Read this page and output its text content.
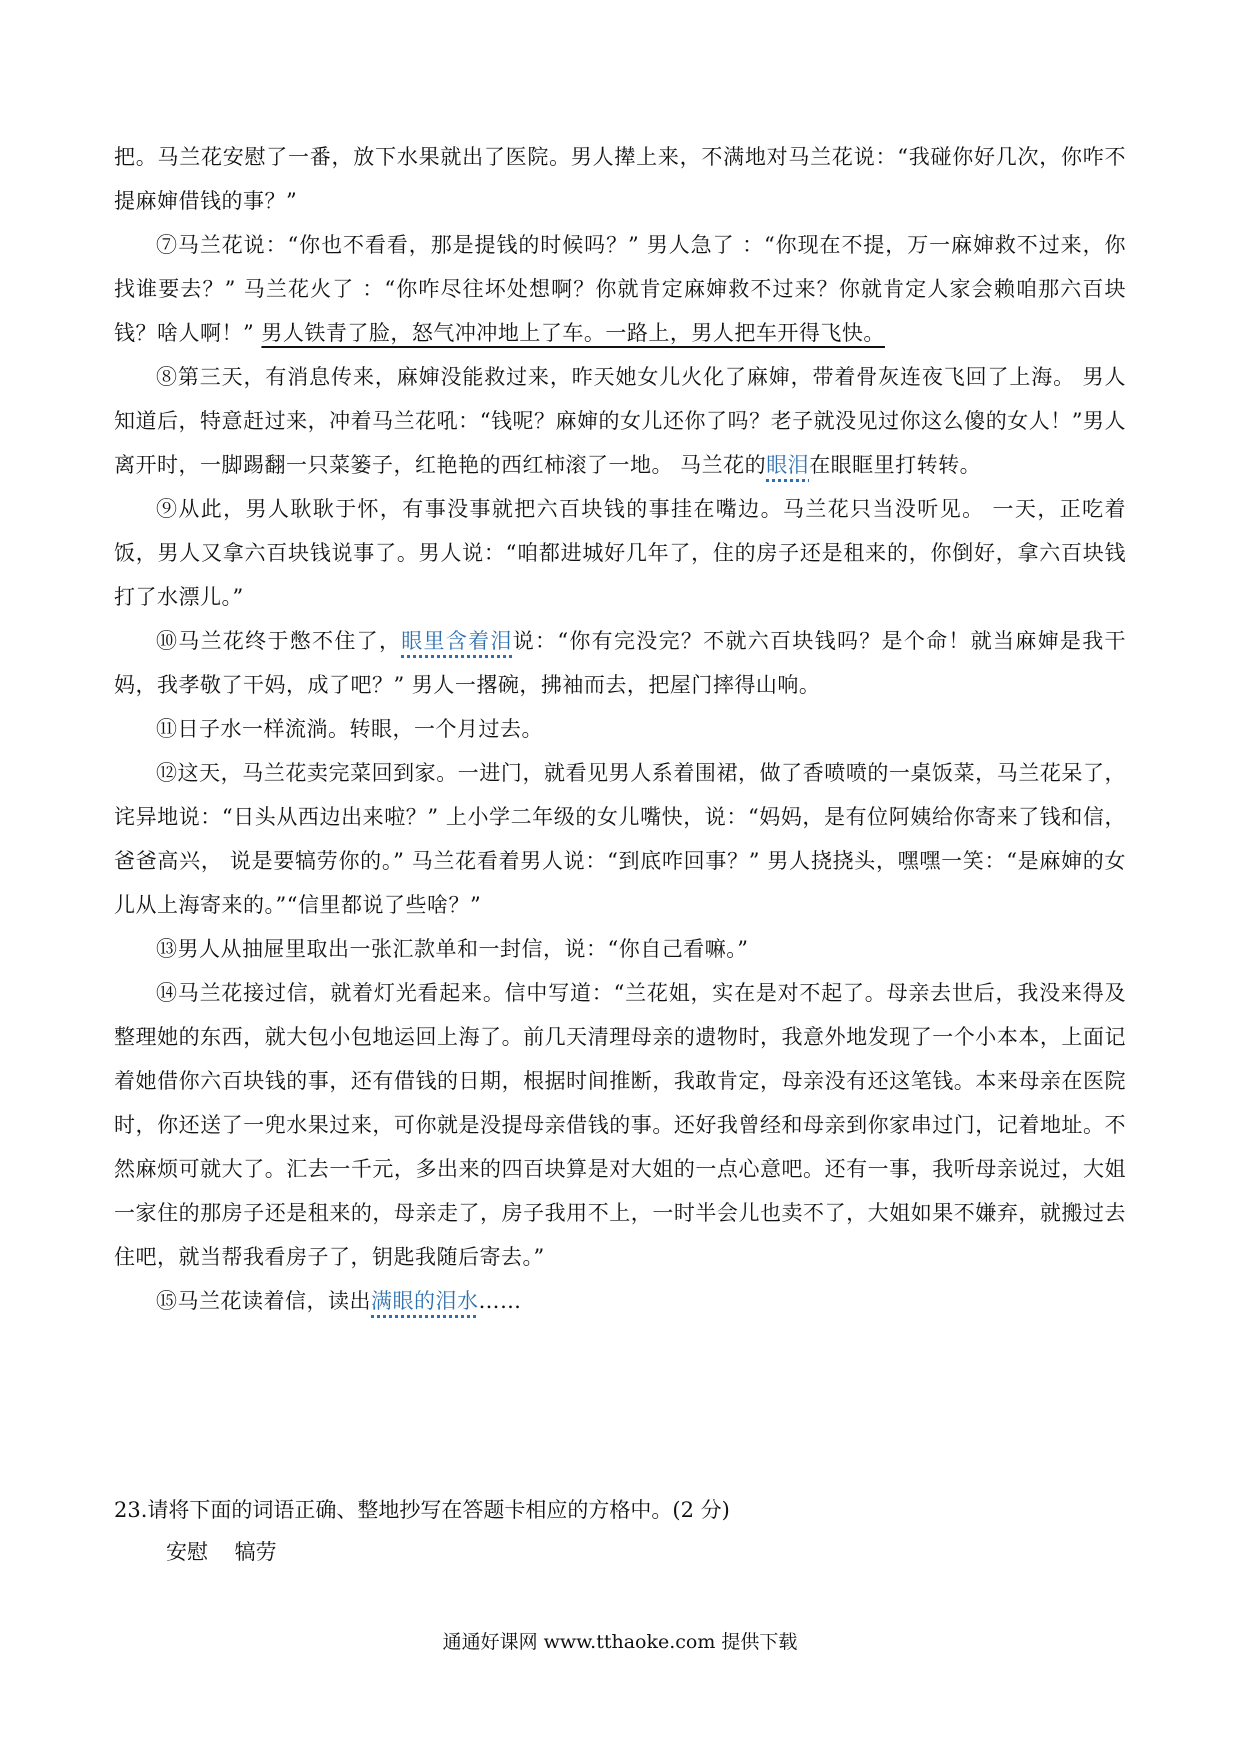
把。马兰花安慰了一番，放下水果就出了医院。男人撵上来，不满地对马兰花说：“我碰你好几次，你咋不提麻婶借钱的事？”

⑦马兰花说：“你也不看看，那是提钱的时候吗？” 男人急了 ：“你现在不提，万一麻婶救不过来，你找谁要去？” 马兰花火了 ：“你咋尽往坏处想啊？你就肯定麻婶救不过来？你就肯定人家会赖咱那六百块钱？啥人啊！” 男人铁青了脸，怒气冲冲地上了车。一路上，男人把车开得飞快。

⑧第三天，有消息传来，麻婶没能救过来，昨天她女儿火化了麻婶，带着骨灰连夜飞回了上海。 男人知道后，特意赶过来，冲着马兰花吼：“钱呢？麻婶的女儿还你了吗？老子就没见过你这么傻的女人！”男人离开时，一脚踢翻一只菜篓子，红艳艳的西红柿滚了一地。 马兰花的眼泪在眼眶里打转转。

⑨从此，男人耿耿于怀，有事没事就把六百块钱的事挂在嘴边。马兰花只当没听见。 一天，正吃着饭，男人又拿六百块钱说事了。男人说：“咱都进城好几年了，住的房子还是租来的，你倒好，拿六百块钱打了水漂儿。”

⑩马兰花终于憋不住了，眼里含着泪说：“你有完没完？不就六百块钱吗？是个命！就当麻婶是我干妈，我孝敬了干妈，成了吧？” 男人一撂碗，拂袖而去，把屋门摔得山响。

⑪日子水一样流淌。转眼，一个月过去。

⑫这天，马兰花卖完菜回到家。一进门，就看见男人系着围裙，做了香喷喷的一桌饭菜，马兰花呆了，诧异地说：“日头从西边出来啦？” 上小学二年级的女儿嘴快，说：“妈妈，是有位阿姨给你寄来了钱和信，爸爸高兴， 说是要犒劳你的。” 马兰花看着男人说：“到底咋回事？” 男人挠挠头，嘿嘿一笑：“是麻婶的女儿从上海寄来的。”“信里都说了些啥？”

⑬男人从抽屉里取出一张汇款单和一封信，说：“你自己看嘛。”

⑭马兰花接过信，就着灯光看起来。信中写道：“兰花姐，实在是对不起了。母亲去世后，我没来得及整理她的东西，就大包小包地运回上海了。前几天清理母亲的遗物时，我意外地发现了一个小本本，上面记着她借你六百块钱的事，还有借钱的日期，根据时间推断，我敢肯定，母亲没有还这笔钱。本来母亲在医院时，你还送了一兜水果过来，可你就是没提母亲借钱的事。还好我曾经和母亲到你家串过门，记着地址。不然麻烦可就大了。汇去一千元，多出来的四百块算是对大姐的一点心意吧。还有一事，我听母亲说过，大姐一家住的那房子还是租来的，母亲走了，房子我用不上，一时半会儿也卖不了，大姐如果不嫌弃，就搬过去住吧，就当帮我看房子了，钥匙我随后寄去。”

⑮马兰花读着信，读出满眼的泪水……

23.请将下面的词语正确、整地抄写在答题卡相应的方格中。(2 分)
安慰 犒劳
通通好课网 www.tthaoke.com 提供下载
